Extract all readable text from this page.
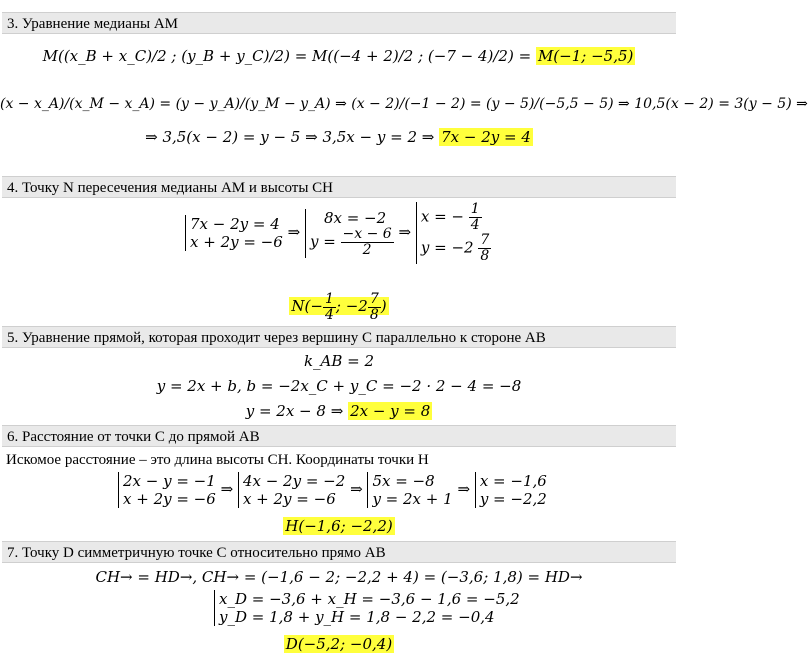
3. Уравнение медианы АМ
M((x_B + x_C)/2 ; (y_B + y_C)/2) = M((−4 + 2)/2 ; (−7 − 4)/2) = M(−1; −5,5)
(x − x_A)/(x_M − x_A) = (y − y_A)/(y_M − y_A) ⇒ (x − 2)/(−1 − 2) = (y − 5)/(−5,5 − 5) ⇒ 10,5(x − 2) = 3(y − 5) ⇒
⇒ 3,5(x − 2) = y − 5 ⇒ 3,5x − y = 2 ⇒ 7x − 2y = 4
4. Точку N пересечения медианы АМ и высоты СН
7x − 2y = 4
x + 2y = −6
⇒
8x = −2
$y = \frac{-x - 6}{2}$ ⇒
x = − $\frac{1}{4}$
$y = -2 \frac{7}{8}$
$N(- \frac{1}{4}$ ; $-2 \frac{7}{8}$ )
5. Уравнение прямой, которая проходит через вершину С параллельно к стороне АВ
k_AB = 2
y = 2x + b, b = −2x_C + y_C = −2 · 2 − 4 = −8
y = 2x − 8 ⇒ 2x − y = 8
6. Расстояние от точки С до прямой АВ
Искомое расстояние – это длина высоты CH. Координаты точки H
2x − y = −1
x + 2y = −6
⇒ 4x − 2y = −2
x + 2y = −6
⇒ 5x = −8
y = 2x + 1
⇒ x = −1,6
y = −2,2
H(−1,6; −2,2)
7. Точку D симметричную точке С относительно прямо АВ
CH→ = HD→, CH→ = (−1,6 − 2; −2,2 + 4) = (−3,6; 1,8) = HD→
x_D = −3,6 + x_H = −3,6 − 1,6 = −5,2
y_D = 1,8 + y_H = 1,8 − 2,2 = −0,4
D(−5,2; −0,4)
